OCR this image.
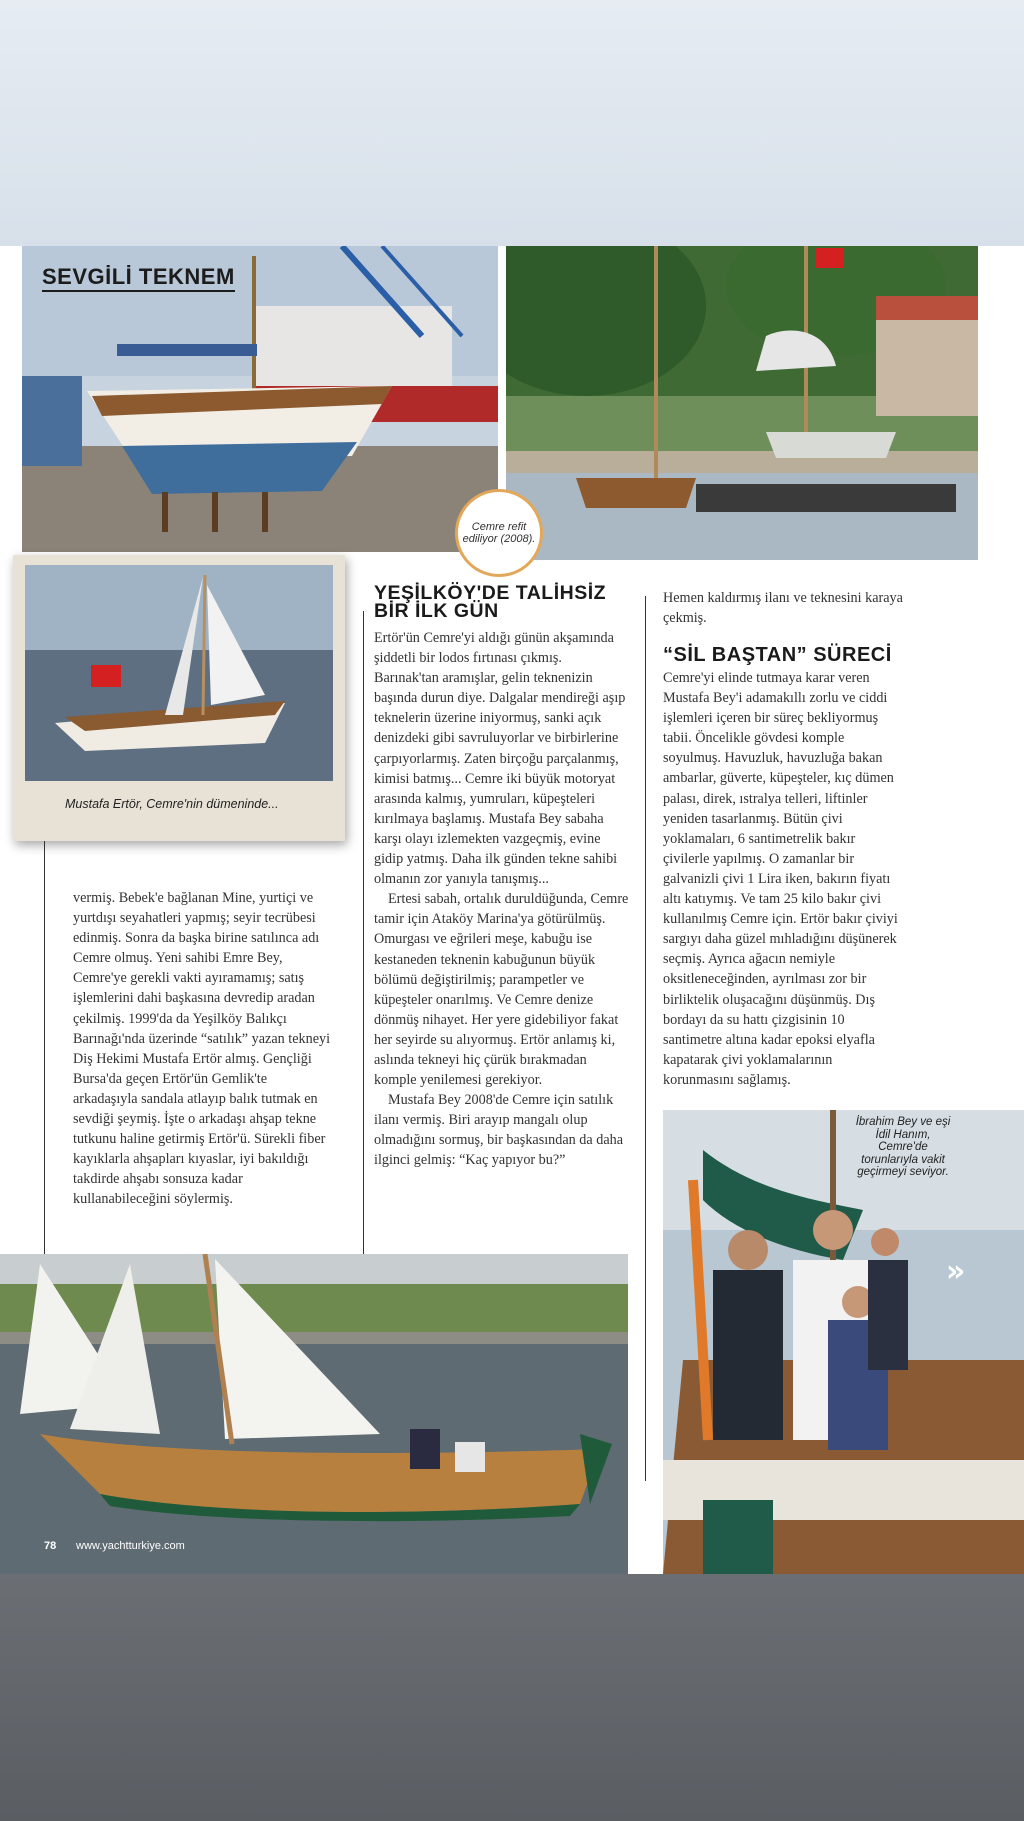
SEVGİLİ TEKNEM
Cemre refit ediliyor (2008).
Mustafa Ertör, Cemre'nin dümeninde...

vermiş. Bebek'e bağlanan Mine, yurtiçi ve yurtdışı seyahatleri yapmış; seyir tecrübesi edinmiş. Sonra da başka birine satılınca adı Cemre olmuş. Yeni sahibi Emre Bey, Cemre'ye gerekli vakti ayıramamış; satış işlemlerini dahi başkasına devredip aradan çekilmiş. 1999'da da Yeşilköy Balıkçı Barınağı'nda üzerinde “satılık” yazan tekneyi Diş Hekimi Mustafa Ertör almış. Gençliği Bursa'da geçen Ertör'ün Gemlik'te arkadaşıyla sandala atlayıp balık tutmak en sevdiği şeymiş. İşte o arkadaşı ahşap tekne tutkunu haline getirmiş Ertör'ü. Sürekli fiber kayıklarla ahşapları kıyaslar, iyi bakıldığı takdirde ahşabı sonsuza kadar kullanabileceğini söylermiş.

YEŞİLKÖY'DE TALİHSİZ BİR İLK GÜN

Ertör'ün Cemre'yi aldığı günün akşamında şiddetli bir lodos fırtınası çıkmış. Barınak'tan aramışlar, gelin teknenizin başında durun diye. Dalgalar mendireği aşıp teknelerin üzerine iniyormuş, sanki açık denizdeki gibi savruluyorlar ve birbirlerine çarpıyorlarmış. Zaten birçoğu parçalanmış, kimisi batmış... Cemre iki büyük motoryat arasında kalmış, yumruları, küpeşteleri kırılmaya başlamış. Mustafa Bey sabaha karşı olayı izlemekten vazgeçmiş, evine gidip yatmış. Daha ilk günden tekne sahibi olmanın zor yanıyla tanışmış...

Ertesi sabah, ortalık duruldüğunda, Cemre tamir için Ataköy Marina'ya götürülmüş. Omurgası ve eğrileri meşe, kabuğu ise kestaneden teknenin kabuğunun büyük bölümü değiştirilmiş; parampetler ve küpeşteler onarılmış. Ve Cemre denize dönmüş nihayet. Her yere gidebiliyor fakat her seyirde su alıyormuş. Ertör anlamış ki, aslında tekneyi hiç çürük bırakmadan komple yenilemesi gerekiyor.

Mustafa Bey 2008'de Cemre için satılık ilanı vermiş. Biri arayıp mangalı olup olmadığını sormuş, bir başkasından da daha ilginci gelmiş: “Kaç yapıyor bu?”

Hemen kaldırmış ilanı ve teknesini karaya çekmiş.

“SİL BAŞTAN” SÜRECİ

Cemre'yi elinde tutmaya karar veren Mustafa Bey'i adamakıllı zorlu ve ciddi işlemleri içeren bir süreç bekliyormuş tabii. Öncelikle gövdesi komple soyulmuş. Havuzluk, havuzluğa bakan ambarlar, güverte, küpeşteler, kıç dümen palası, direk, ıstralya telleri, liftinler yeniden tasarlanmış. Bütün çivi yoklamaları, 6 santimetrelik bakır çivilerle yapılmış. O zamanlar bir galvanizli çivi 1 Lira iken, bakırın fiyatı altı katıymış. Ve tam 25 kilo bakır çivi kullanılmış Cemre için. Ertör bakır çiviyi sargıyı daha güzel mıhladığını düşünerek seçmiş. Ayrıca ağacın nemiyle oksitleneceğinden, ayrılması zor bir birliktelik oluşacağını düşünmüş. Dış bordayı da su hattı çizgisinin 10 santimetre altına kadar epoksi elyafla kapatarak çivi yoklamalarının korunmasını sağlamış.

78 www.yachtturkiye.com
İbrahim Bey ve eşi İdil Hanım, Cemre'de torunlarıyla vakit geçirmeyi seviyor.
»
